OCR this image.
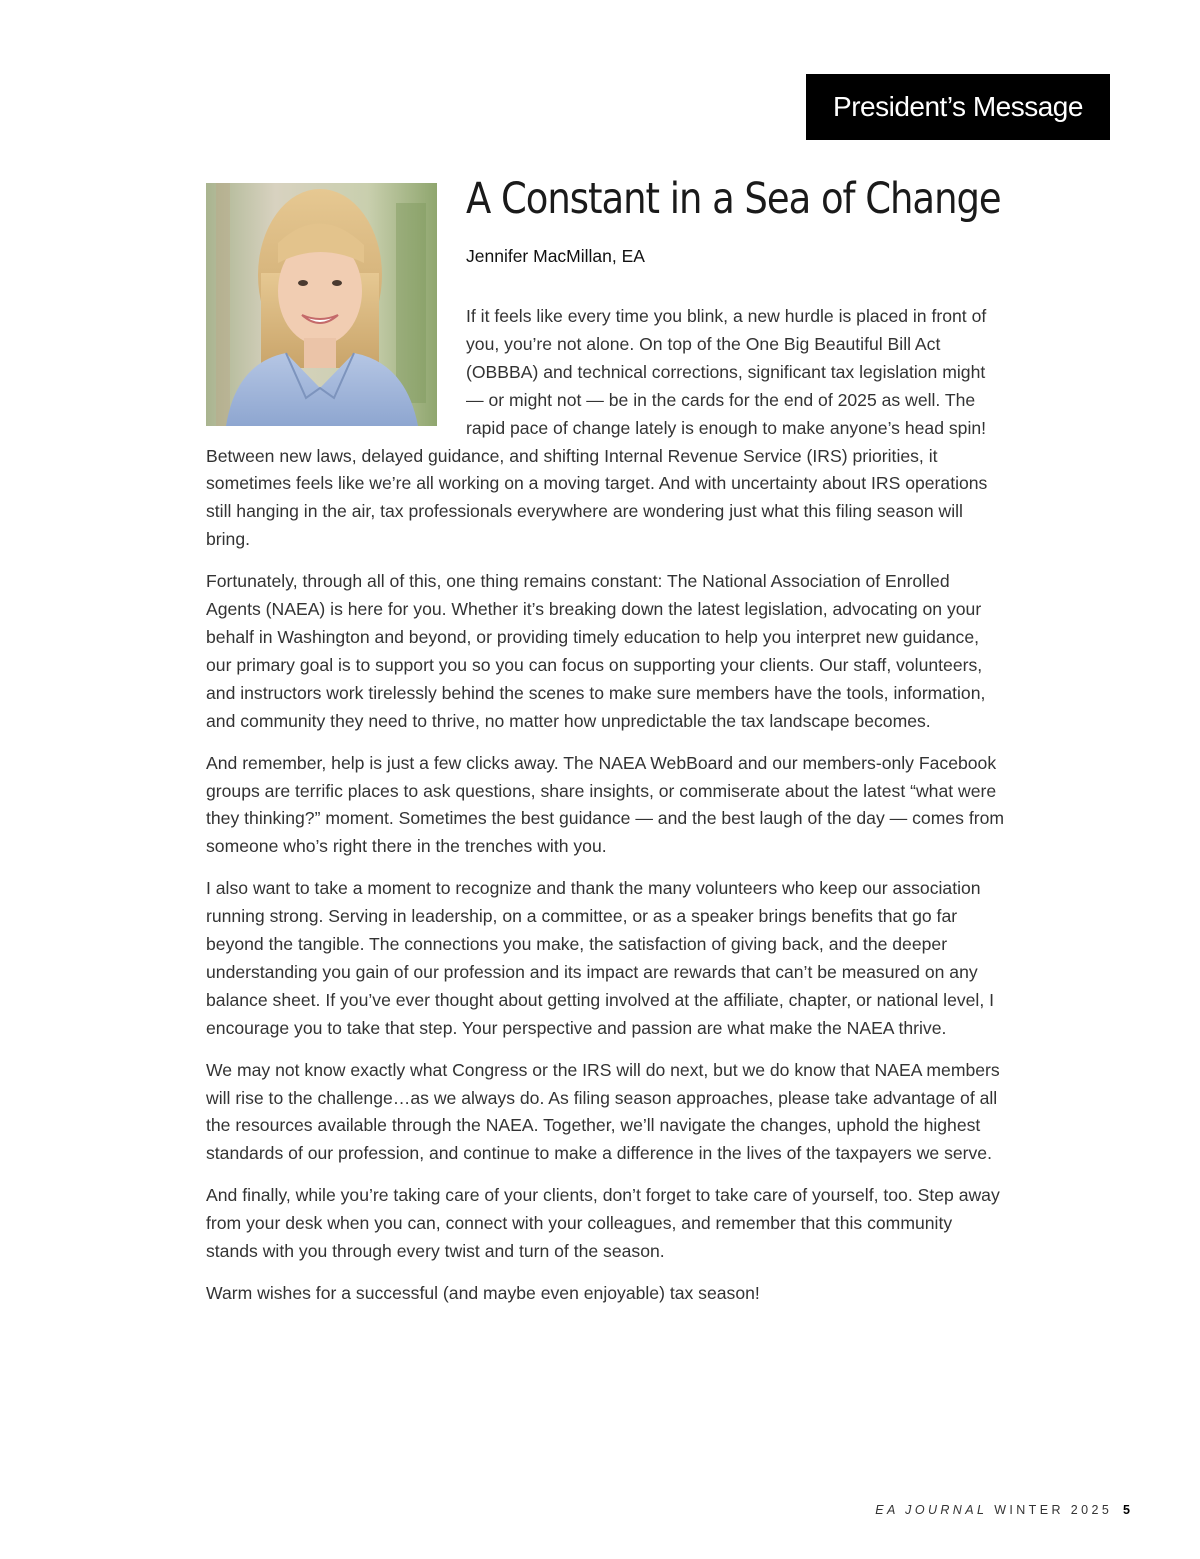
President’s Message
A Constant in a Sea of Change
Jennifer MacMillan, EA

If it feels like every time you blink, a new hurdle is placed in front of you, you’re not alone. On top of the One Big Beautiful Bill Act (OBBBA) and technical corrections, significant tax legislation might — or might not — be in the cards for the end of 2025 as well. The rapid pace of change lately is enough to make anyone’s head spin! Between new laws, delayed guidance, and shifting Internal Revenue Service (IRS) priorities, it sometimes feels like we’re all working on a moving target. And with uncertainty about IRS operations still hanging in the air, tax professionals everywhere are wondering just what this filing season will bring.

Fortunately, through all of this, one thing remains constant: The National Association of Enrolled Agents (NAEA) is here for you. Whether it’s breaking down the latest legislation, advocating on your behalf in Washington and beyond, or providing timely education to help you interpret new guidance, our primary goal is to support you so you can focus on supporting your clients. Our staff, volunteers, and instructors work tirelessly behind the scenes to make sure members have the tools, information, and community they need to thrive, no matter how unpredictable the tax landscape becomes.

And remember, help is just a few clicks away. The NAEA WebBoard and our members-only Facebook groups are terrific places to ask questions, share insights, or commiserate about the latest “what were they thinking?” moment. Sometimes the best guidance — and the best laugh of the day — comes from someone who’s right there in the trenches with you.

I also want to take a moment to recognize and thank the many volunteers who keep our association running strong. Serving in leadership, on a committee, or as a speaker brings benefits that go far beyond the tangible. The connections you make, the satisfaction of giving back, and the deeper understanding you gain of our profession and its impact are rewards that can’t be measured on any balance sheet. If you’ve ever thought about getting involved at the affiliate, chapter, or national level, I encourage you to take that step. Your perspective and passion are what make the NAEA thrive.

We may not know exactly what Congress or the IRS will do next, but we do know that NAEA members will rise to the challenge…as we always do. As filing season approaches, please take advantage of all the resources available through the NAEA. Together, we’ll navigate the changes, uphold the highest standards of our profession, and continue to make a difference in the lives of the taxpayers we serve.

And finally, while you’re taking care of your clients, don’t forget to take care of yourself, too. Step away from your desk when you can, connect with your colleagues, and remember that this community stands with you through every twist and turn of the season.

Warm wishes for a successful (and maybe even enjoyable) tax season!

EA JOURNAL WINTER 2025 5
